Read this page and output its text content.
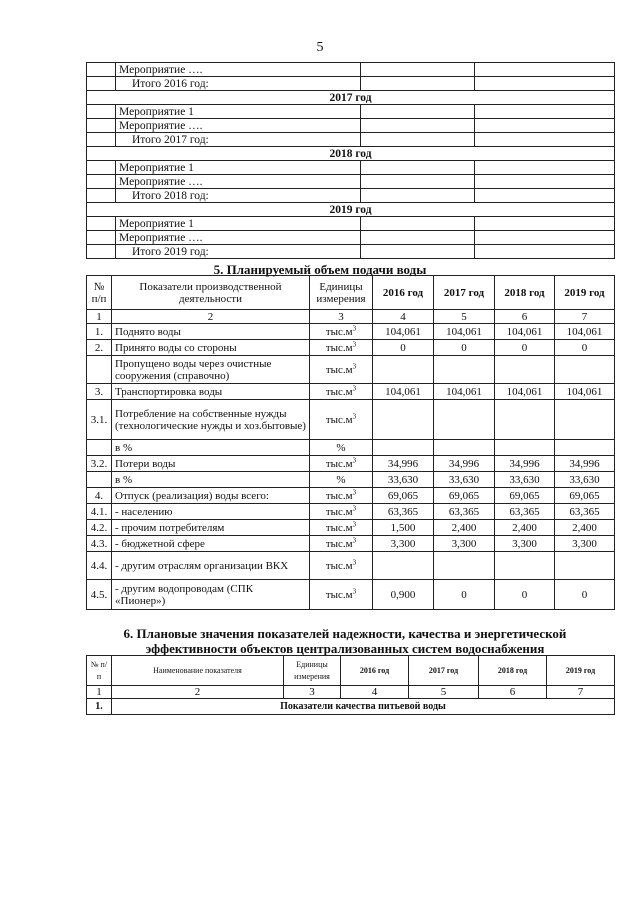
5
	Мероприятие ….		
	Итого 2016 год:		
2017 год			
	Мероприятие 1		
	Мероприятие ….		
	Итого 2017 год:		
2018 год			
	Мероприятие 1		
	Мероприятие ….		
	Итого 2018 год:		
2019 год			
	Мероприятие 1		
	Мероприятие ….		
	Итого 2019 год:		
5. Планируемый объем подачи воды
№ п/п	Показатели производственной деятельности	Единицы измерения	2016 год	2017 год	2018 год	2019 год
1	2	3	4	5	6	7
1.	Поднято воды	$тыс.м^3$	104,061	104,061	104,061	104,061
2.	Принято воды со стороны	$тыс.м^3$	0	0	0	0
	Пропущено воды через очистные сооружения (справочно)	$тыс.м^3$				
3.	Транспортировка воды	$тыс.м^3$	104,061	104,061	104,061	104,061
3.1.	Потребление на собственные нужды (технологические нужды и хоз.бытовые)	$тыс.м^3$				
	в %	%				
3.2.	Потери воды	$тыс.м^3$	34,996	34,996	34,996	34,996
	в %	%	33,630	33,630	33,630	33,630
4.	Отпуск (реализация) воды всего:	$тыс.м^3$	69,065	69,065	69,065	69,065
4.1.	- населению	$тыс.м^3$	63,365	63,365	63,365	63,365
4.2.	- прочим потребителям	$тыс.м^3$	1,500	2,400	2,400	2,400
4.3.	- бюджетной сфере	$тыс.м^3$	3,300	3,300	3,300	3,300
4.4.	- другим отраслям организации ВКХ	$тыс.м^3$				
4.5.	- другим водопроводам (СПК «Пионер»)	$тыс.м^3$	0,900	0	0	0
6. Плановые значения показателей надежности, качества и энергетической эффективности объектов централизованных систем водоснабжения
№ п/п	Наименование показателя	Единицы измерения	2016 год	2017 год	2018 год	2019 год
1	2	3	4	5	6	7
1.	Показатели качества питьевой воды					
